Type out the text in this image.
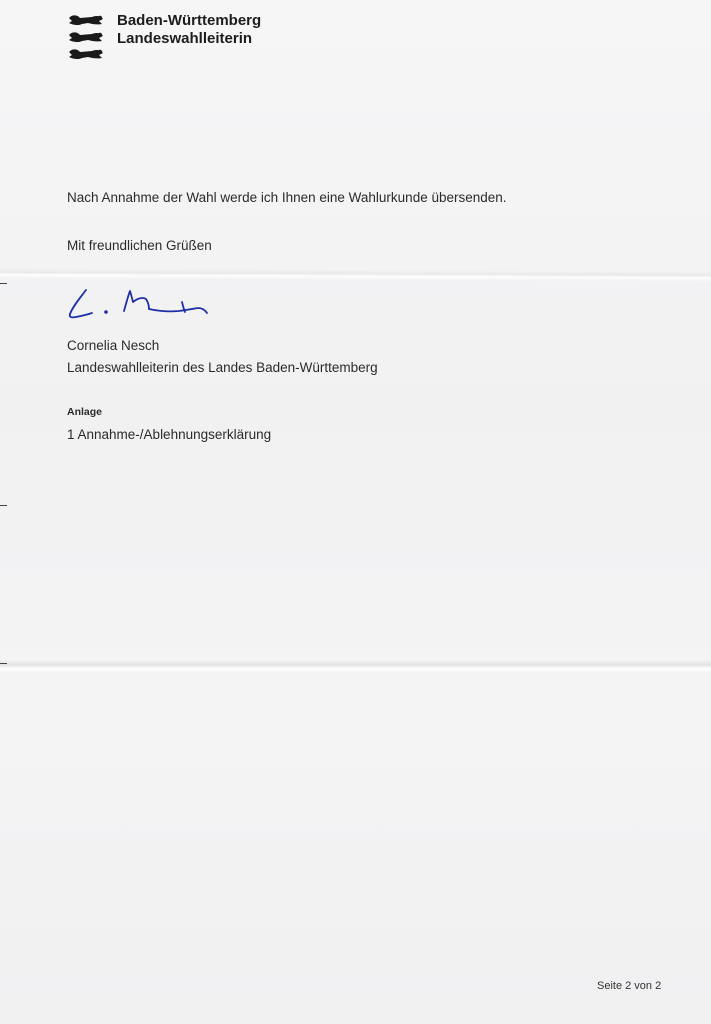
Baden-Württemberg
Landeswahlleiterin
Nach Annahme der Wahl werde ich Ihnen eine Wahlurkunde übersenden.
Mit freundlichen Grüßen
Cornelia Nesch
Landeswahlleiterin des Landes Baden-Württemberg
Anlage
1 Annahme-/Ablehnungserklärung
Seite 2 von 2
